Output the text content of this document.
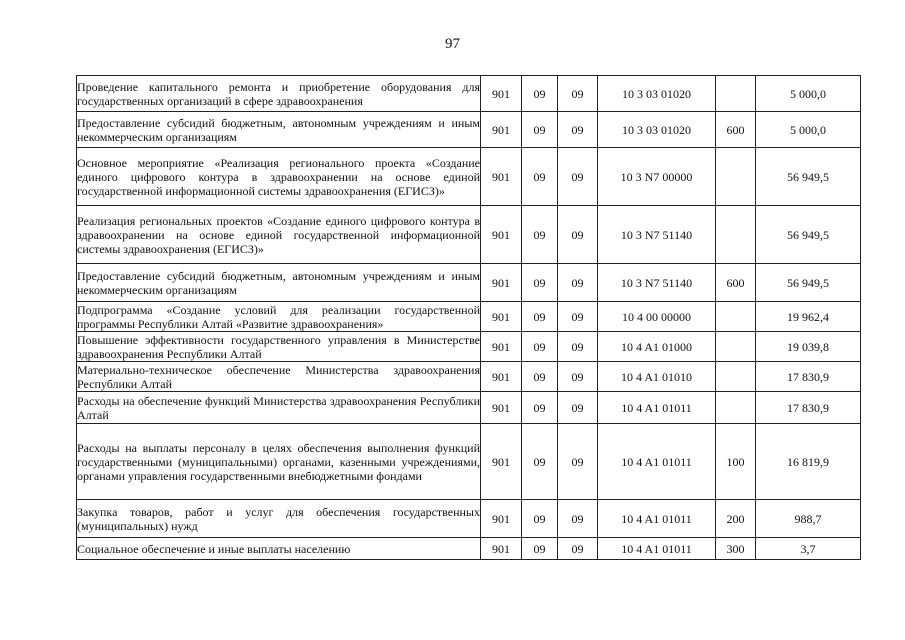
97
Проведение капитального ремонта и приобретение оборудования для государственных организаций в сфере здравоохранения	901	09	09	10 3 03 01020		5 000,0
Предоставление субсидий бюджетным, автономным учреждениям и иным некоммерческим организациям	901	09	09	10 3 03 01020	600	5 000,0
Основное мероприятие «Реализация регионального проекта «Создание единого цифрового контура в здравоохранении на основе единой государственной информационной системы здравоохранения (ЕГИСЗ)»	901	09	09	10 3 N7 00000		56 949,5
Реализация региональных проектов «Создание единого цифрового контура в здравоохранении на основе единой государственной информационной системы здравоохранения (ЕГИСЗ)»	901	09	09	10 3 N7 51140		56 949,5
Предоставление субсидий бюджетным, автономным учреждениям и иным некоммерческим организациям	901	09	09	10 3 N7 51140	600	56 949,5
Подпрограмма «Создание условий для реализации государственной программы Республики Алтай «Развитие здравоохранения»	901	09	09	10 4 00 00000		19 962,4
Повышение эффективности государственного управления в Министерстве здравоохранения Республики Алтай	901	09	09	10 4 A1 01000		19 039,8
Материально-техническое обеспечение Министерства здравоохранения Республики Алтай	901	09	09	10 4 A1 01010		17 830,9
Расходы на обеспечение функций Министерства здравоохранения Республики Алтай	901	09	09	10 4 A1 01011		17 830,9
Расходы на выплаты персоналу в целях обеспечения выполнения функций государственными (муниципальными) органами, казенными учреждениями, органами управления государственными внебюджетными фондами	901	09	09	10 4 A1 01011	100	16 819,9
Закупка товаров, работ и услуг для обеспечения государственных (муниципальных) нужд	901	09	09	10 4 A1 01011	200	988,7
Социальное обеспечение и иные выплаты населению	901	09	09	10 4 A1 01011	300	3,7
